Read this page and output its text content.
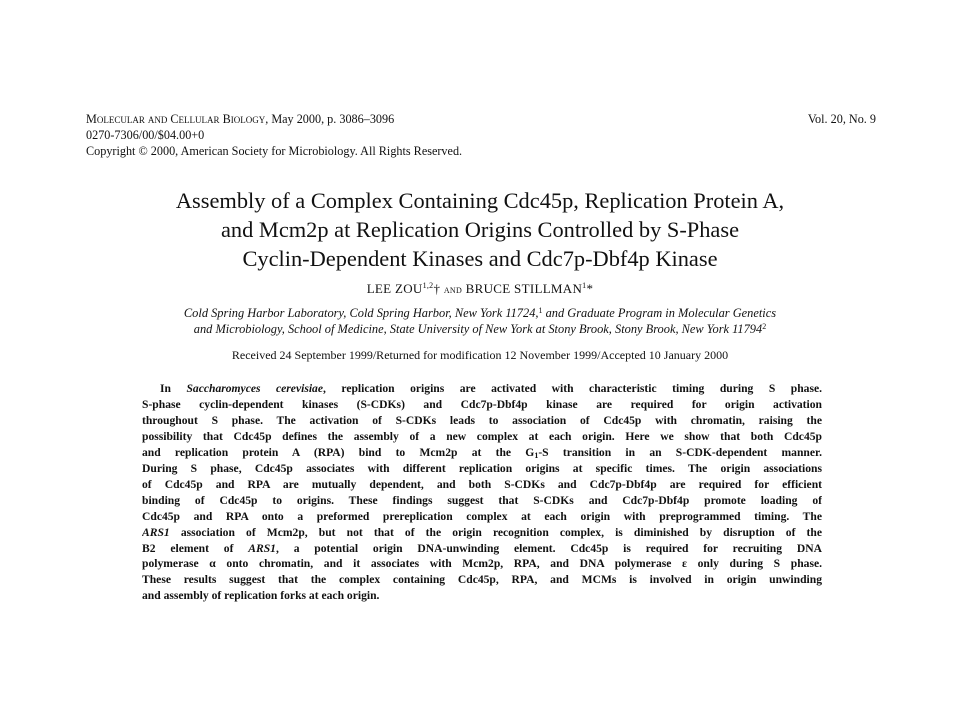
Molecular and Cellular Biology, May 2000, p. 3086–3096	Vol. 20, No. 9
0270-7306/00/$04.00+0
Copyright © 2000, American Society for Microbiology. All Rights Reserved.
Assembly of a Complex Containing Cdc45p, Replication Protein A,
and Mcm2p at Replication Origins Controlled by S-Phase
Cyclin-Dependent Kinases and Cdc7p-Dbf4p Kinase
LEE ZOU$^{1,2}$† and BRUCE STILLMAN$^1$*
Cold Spring Harbor Laboratory, Cold Spring Harbor, New York 11724,$^1$ and Graduate Program in Molecular Genetics
and Microbiology, School of Medicine, State University of New York at Stony Brook, Stony Brook, New York 11794$^2$
Received 24 September 1999/Returned for modification 12 November 1999/Accepted 10 January 2000
In Saccharomyces cerevisiae, replication origins are activated with characteristic timing during S phase.
S-phase cyclin-dependent kinases (S-CDKs) and Cdc7p-Dbf4p kinase are required for origin activation
throughout S phase. The activation of S-CDKs leads to association of Cdc45p with chromatin, raising the
possibility that Cdc45p defines the assembly of a new complex at each origin. Here we show that both Cdc45p
and replication protein A (RPA) bind to Mcm2p at the $G_1-S$ transition in an S-CDK-dependent manner.
During S phase, Cdc45p associates with different replication origins at specific times. The origin associations
of Cdc45p and RPA are mutually dependent, and both S-CDKs and Cdc7p-Dbf4p are required for efficient
binding of Cdc45p to origins. These findings suggest that S-CDKs and Cdc7p-Dbf4p promote loading of
Cdc45p and RPA onto a preformed prereplication complex at each origin with preprogrammed timing. The
ARS1 association of Mcm2p, but not that of the origin recognition complex, is diminished by disruption of the
B2 element of ARS1, a potential origin DNA-unwinding element. Cdc45p is required for recruiting DNA
polymerase α onto chromatin, and it associates with Mcm2p, RPA, and DNA polymerase ε only during S phase.
These results suggest that the complex containing Cdc45p, RPA, and MCMs is involved in origin unwinding
and assembly of replication forks at each origin.
